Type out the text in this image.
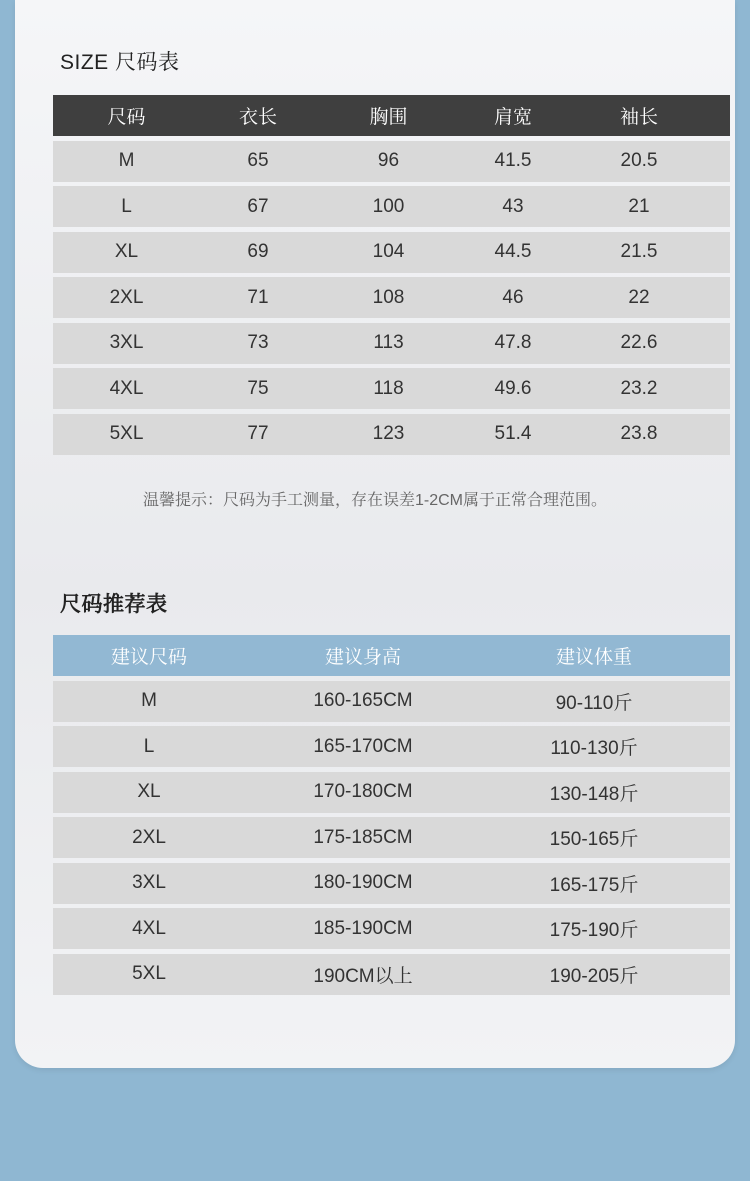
SIZE 尺码表
尺码	衣长	胸围	肩宽	袖长
M	65	96	41.5	20.5
L	67	100	43	21
XL	69	104	44.5	21.5
2XL	71	108	46	22
3XL	73	113	47.8	22.6
4XL	75	118	49.6	23.2
5XL	77	123	51.4	23.8
尺码推荐表
建议尺码	建议身高	建议体重
M	160-165CM	90-110斤
L	165-170CM	110-130斤
XL	170-180CM	130-148斤
2XL	175-185CM	150-165斤
3XL	180-190CM	165-175斤
4XL	185-190CM	175-190斤
5XL	190CM以上	190-205斤
温馨提示：尺码为手工测量，存在误差1-2CM属于正常合理范围。
